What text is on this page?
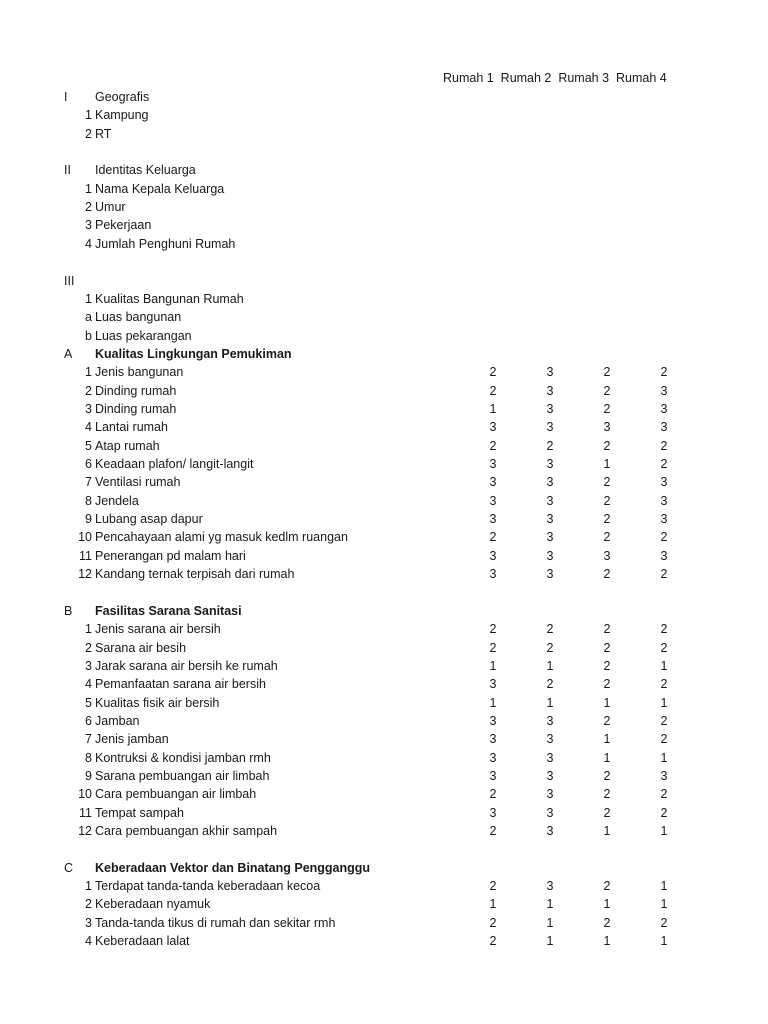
Rumah 1  Rumah 2  Rumah 3  Rumah 4
I Geografis
1 Kampung
2 RT
II Identitas Keluarga
1 Nama Kepala Keluarga
2 Umur
3 Pekerjaan
4 Jumlah Penghuni Rumah
III
1 Kualitas Bangunan Rumah
a Luas bangunan
b Luas pekarangan
A Kualitas Lingkungan Pemukiman
1 Jenis bangunan	2	3	2	2
2 Dinding rumah	2	3	2	3
3 Dinding rumah	1	3	2	3
4 Lantai rumah	3	3	3	3
5 Atap rumah	2	2	2	2
6 Keadaan plafon/ langit-langit	3	3	1	2
7 Ventilasi rumah	3	3	2	3
8 Jendela	3	3	2	3
9 Lubang asap dapur	3	3	2	3
10 Pencahayaan alami yg masuk kedlm ruangan	2	3	2	2
11 Penerangan pd malam hari	3	3	3	3
12 Kandang ternak terpisah dari rumah	3	3	2	2
B Fasilitas Sarana Sanitasi
1 Jenis sarana air bersih	2	2	2	2
2 Sarana air besih	2	2	2	2
3 Jarak sarana air bersih ke rumah	1	1	2	1
4 Pemanfaatan sarana air bersih	3	2	2	2
5 Kualitas fisik air bersih	1	1	1	1
6 Jamban	3	3	2	2
7 Jenis jamban	3	3	1	2
8 Kontruksi & kondisi jamban rmh	3	3	1	1
9 Sarana pembuangan air limbah	3	3	2	3
10 Cara pembuangan air limbah	2	3	2	2
11 Tempat sampah	3	3	2	2
12 Cara pembuangan akhir sampah	2	3	1	1
C Keberadaan Vektor dan Binatang Pengganggu
1 Terdapat tanda-tanda keberadaan kecoa	2	3	2	1
2 Keberadaan nyamuk	1	1	1	1
3 Tanda-tanda tikus di rumah dan sekitar rmh	2	1	2	2
4 Keberadaan lalat	2	1	1	1
